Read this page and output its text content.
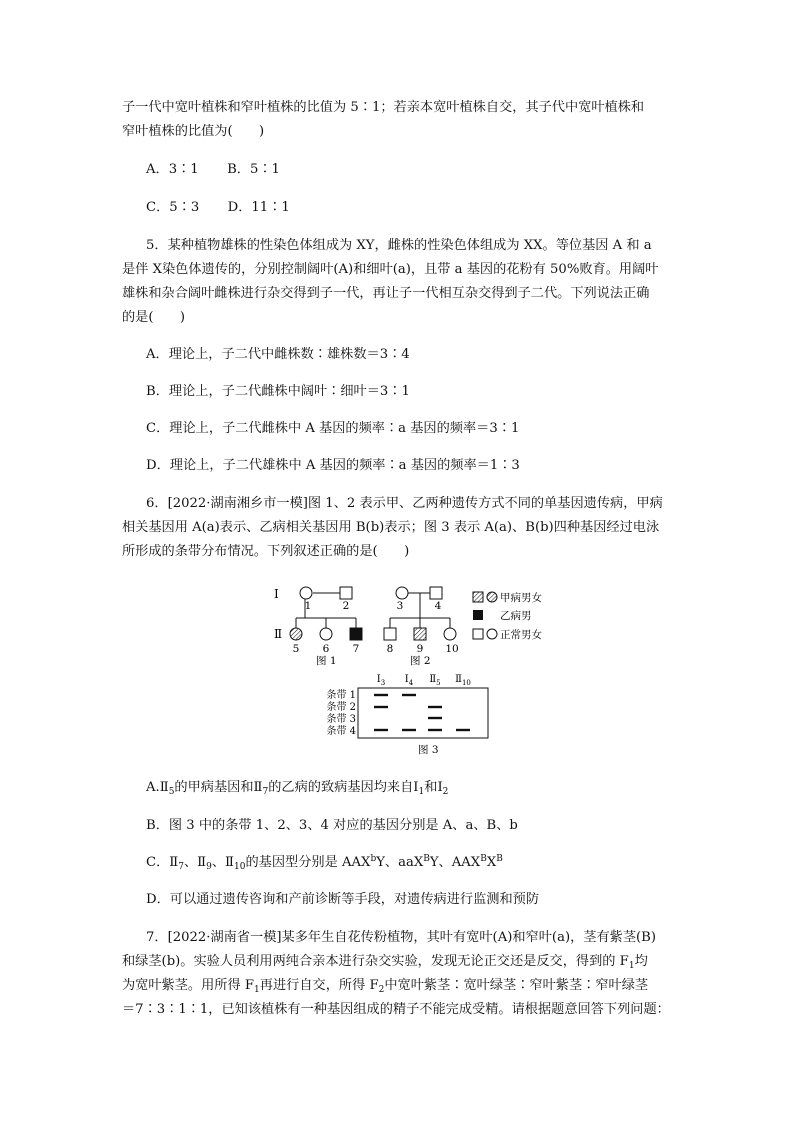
子一代中宽叶植株和窄叶植株的比值为 5∶1；若亲本宽叶植株自交，其子代中宽叶植株和

窄叶植株的比值为(　　)

A．3∶1 B．5∶1

C．5∶3 D．11∶1

5．某种植物雄株的性染色体组成为 XY，雌株的性染色体组成为 XX。等位基因 A 和 a

是伴 X染色体遗传的，分别控制阔叶(A)和细叶(a)，且带 a 基因的花粉有 50%败育。用阔叶

雄株和杂合阔叶雌株进行杂交得到子一代，再让子一代相互杂交得到子二代。下列说法正确

的是(　　)

A．理论上，子二代中雌株数∶雄株数＝3∶4

B．理论上，子二代雌株中阔叶∶细叶＝3∶1

C．理论上，子二代雌株中 A 基因的频率∶a 基因的频率＝3∶1

D．理论上，子二代雄株中 A 基因的频率∶a 基因的频率＝1∶3

6．[2022·湖南湘乡市一模]图 1、2 表示甲、乙两种遗传方式不同的单基因遗传病，甲病

相关基因用 A(a)表示、乙病相关基因用 B(b)表示；图 3 表示 A(a)、B(b)四种基因经过电泳

所形成的条带分布情况。下列叙述正确的是(　　)

Ⅰ
Ⅱ
1	2	3	4
5 6 7	8 9 10
图 1	图 2
甲病男女
乙病男
正常男女
$Ⅰ_3$ $Ⅰ_4$ $Ⅱ_5$ $Ⅱ_{10}$
条带 1
条带 2
条带 3
条带 4
图 3

$A.Ⅱ_5$的甲病基因和$Ⅱ_7$的乙病的致病基因均来自$Ⅰ_1$和$Ⅰ_2$

B．图 3 中的条带 1、2、3、4 对应的基因分别是 A、a、B、b

C．$Ⅱ_7$、$Ⅱ_9$、$Ⅱ_{10}$的基因型分别是 AAX$^b$Y、aaX$^B$Y、$AAX^BX^B$

D．可以通过遗传咨询和产前诊断等手段，对遗传病进行监测和预防

7．[2022·湖南省一模]某多年生自花传粉植物，其叶有宽叶(A)和窄叶(a)，茎有紫茎(B)

和绿茎(b)。实验人员利用两纯合亲本进行杂交实验，发现无论正交还是反交，得到的 $F_1$均

为宽叶紫茎。用所得 $F_1$再进行自交，所得 $F_2$中宽叶紫茎∶宽叶绿茎∶窄叶紫茎∶窄叶绿茎

＝7∶3∶1∶1，已知该植株有一种基因组成的精子不能完成受精。请根据题意回答下列问题：
